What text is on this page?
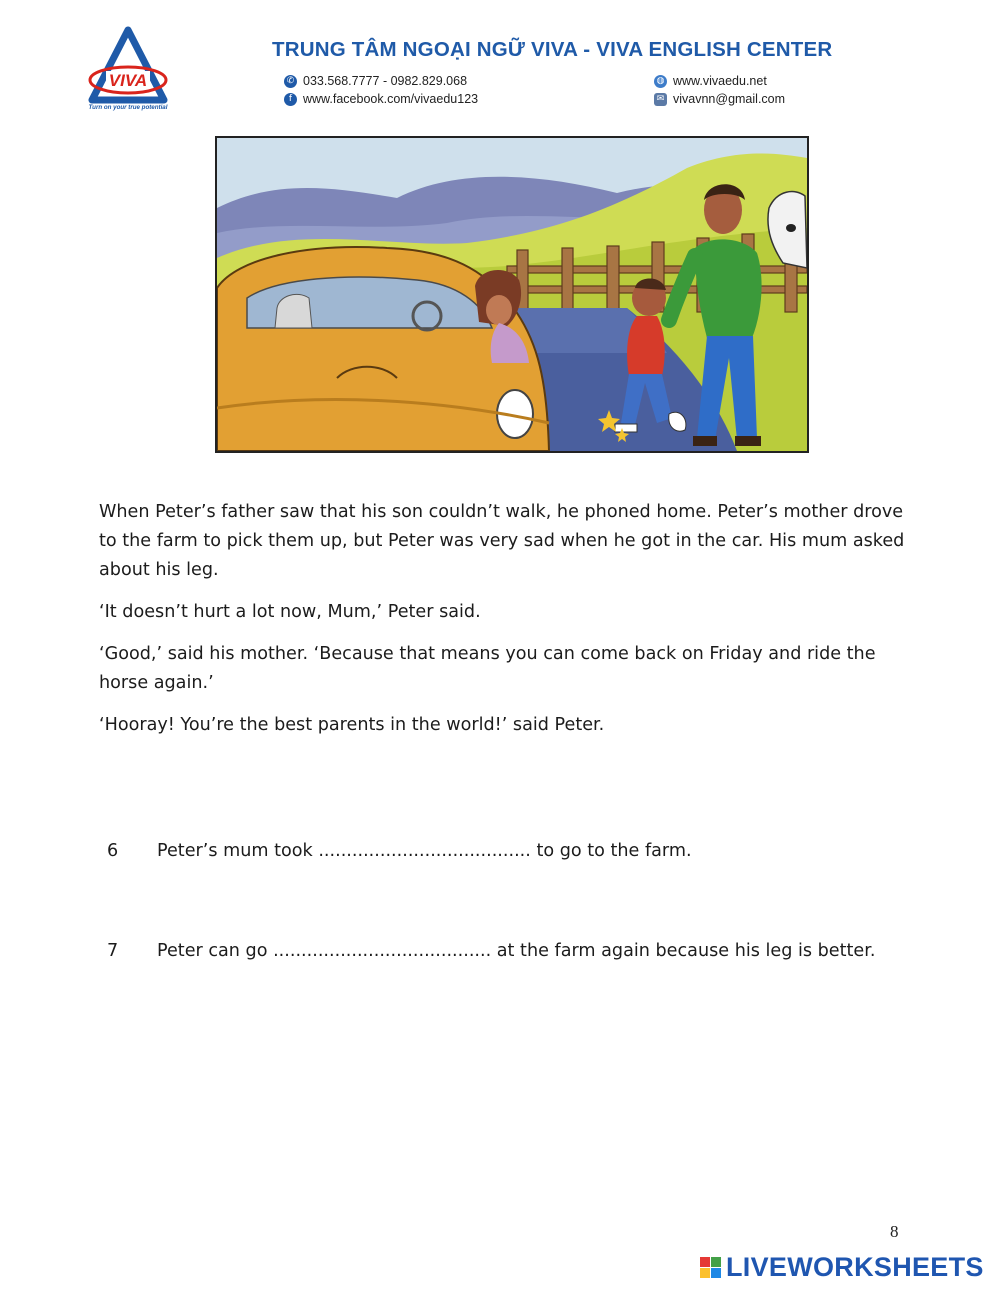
VIVA
Turn on your true potential
TRUNG TÂM NGOẠI NGỮ VIVA - VIVA ENGLISH CENTER
✆ 033.568.7777 - 0982.829.068
f www.facebook.com/vivaedu123
◍ www.vivaedu.net
✉ vivavnn@gmail.com

When Peter’s father saw that his son couldn’t walk, he phoned home. Peter’s mother drove to the farm to pick them up, but Peter was very sad when he got in the car. His mum asked about his leg.

‘It doesn’t hurt a lot now, Mum,’ Peter said.

‘Good,’ said his mother. ‘Because that means you can come back on Friday and ride the horse again.’

‘Hooray! You’re the best parents in the world!’ said Peter.

6	Peter’s mum took ...................................... to go to the farm.
7	Peter can go ....................................... at the farm again because his leg is better.
8
LIVEWORKSHEETS
